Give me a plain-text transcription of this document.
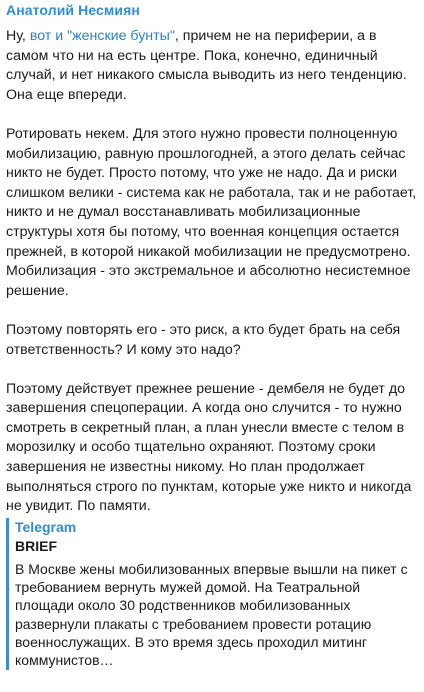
Анатолий Несмиян

Ну, вот и "женские бунты", причем не на периферии, а в самом что ни на есть центре. Пока, конечно, единичный случай, и нет никакого смысла выводить из него тенденцию. Она еще впереди.

Ротировать некем. Для этого нужно провести полноценную мобилизацию, равную прошлогодней, а этого делать сейчас никто не будет. Просто потому, что уже не надо. Да и риски слишком велики - система как не работала, так и не работает, никто и не думал восстанавливать мобилизационные структуры хотя бы потому, что военная концепция остается прежней, в которой никакой мобилизации не предусмотрено. Мобилизация - это экстремальное и абсолютно несистемное решение.

Поэтому повторять его - это риск, а кто будет брать на себя ответственность? И кому это надо?

Поэтому действует прежнее решение - дембеля не будет до завершения спецоперации. А когда оно случится - то нужно смотреть в секретный план, а план унесли вместе с телом в морозилку и особо тщательно охраняют. Поэтому сроки завершения не известны никому. Но план продолжает выполняться строго по пунктам, которые уже никто и никогда не увидит. По памяти.

Telegram
BRIEF
В Москве жены мобилизованных впервые вышли на пикет с требованием вернуть мужей домой. На Театральной площади около 30 родственников мобилизованных развернули плакаты с требованием провести ротацию военнослужащих. В это время здесь проходил митинг коммунистов…
